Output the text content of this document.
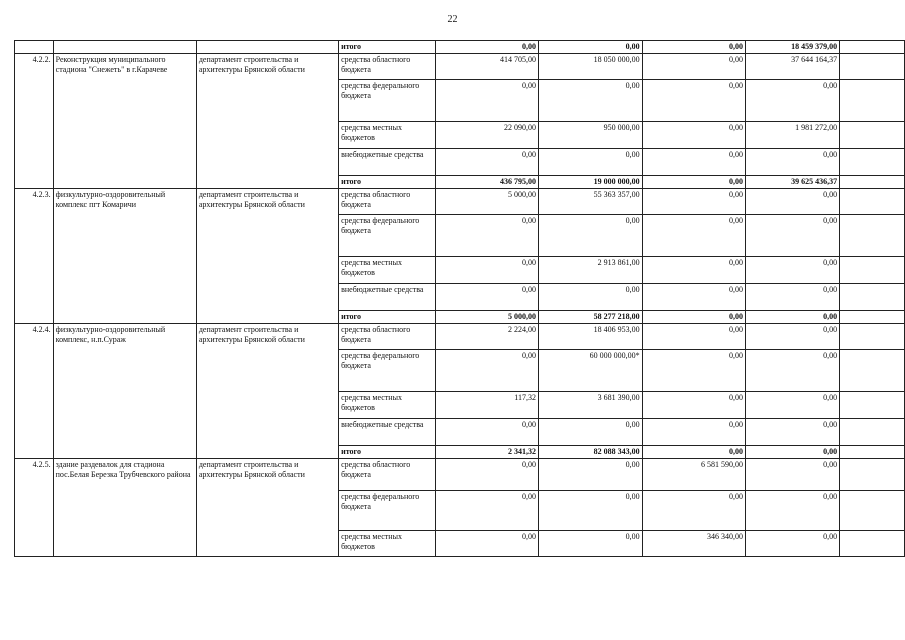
22
			итого	0,00	0,00	0,00	18 459 379,00	
4.2.2.	Реконструкция муниципального стадиона "Снежеть" в г.Карачеве	департамент строительства и архитектуры Брянской области	средства областного бюджета	414 705,00	18 050 000,00	0,00	37 644 164,37	
			средства федерального бюджета	0,00	0,00	0,00	0,00	
			средства местных бюджетов	22 090,00	950 000,00	0,00	1 981 272,00	
			внебюджетные средства	0,00	0,00	0,00	0,00	
			итого	436 795,00	19 000 000,00	0,00	39 625 436,37	
4.2.3.	физкультурно-оздоровительный комплекс пгт Комаричи	департамент строительства и архитектуры Брянской области	средства областного бюджета	5 000,00	55 363 357,00	0,00	0,00	
			средства федерального бюджета	0,00	0,00	0,00	0,00	
			средства местных бюджетов	0,00	2 913 861,00	0,00	0,00	
			внебюджетные средства	0,00	0,00	0,00	0,00	
			итого	5 000,00	58 277 218,00	0,00	0,00	
4.2.4.	физкультурно-оздоровительный комплекс, н.п.Сураж	департамент строительства и архитектуры Брянской области	средства областного бюджета	2 224,00	18 406 953,00	0,00	0,00	
			средства федерального бюджета	0,00	60 000 000,00*	0,00	0,00	
			средства местных бюджетов	117,32	3 681 390,00	0,00	0,00	
			внебюджетные средства	0,00	0,00	0,00	0,00	
			итого	2 341,32	82 088 343,00	0,00	0,00	
4.2.5.	здание раздевалок для стадиона пос.Белая Березка Трубчевского района	департамент строительства и архитектуры Брянской области	средства областного бюджета	0,00	0,00	6 581 590,00	0,00	
			средства федерального бюджета	0,00	0,00	0,00	0,00	
			средства местных бюджетов	0,00	0,00	346 340,00	0,00	
